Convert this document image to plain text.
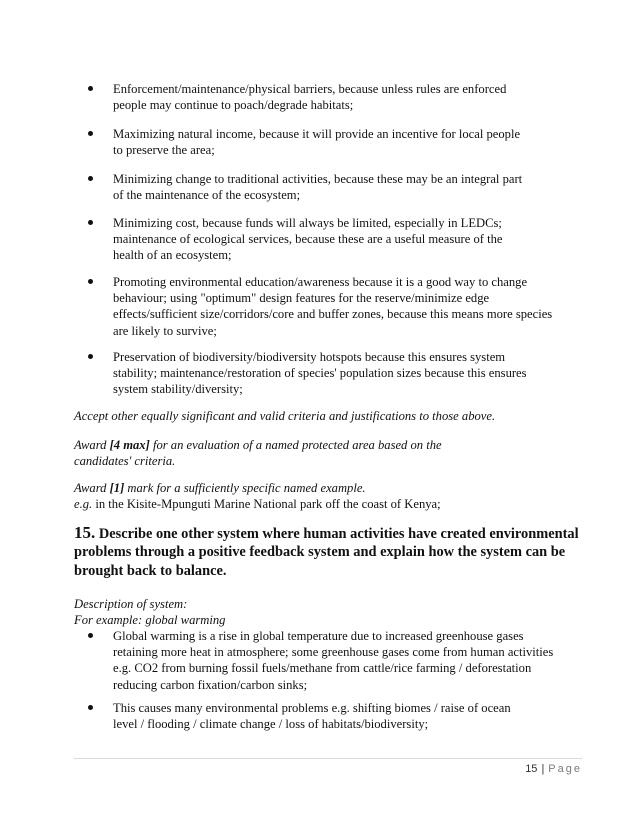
Enforcement/maintenance/physical barriers, because unless rules are enforced
people may continue to poach/degrade habitats;
Maximizing natural income, because it will provide an incentive for local people
to preserve the area;
Minimizing change to traditional activities, because these may be an integral part
of the maintenance of the ecosystem;
Minimizing cost, because funds will always be limited, especially in LEDCs;
maintenance of ecological services, because these are a useful measure of the
health of an ecosystem;
Promoting environmental education/awareness because it is a good way to change
behaviour; using "optimum" design features for the reserve/minimize edge
effects/sufficient size/corridors/core and buffer zones, because this means more species
are likely to survive;
Preservation of biodiversity/biodiversity hotspots because this ensures system
stability; maintenance/restoration of species' population sizes because this ensures
system stability/diversity;
Accept other equally significant and valid criteria and justifications to those above.
Award [4 max] for an evaluation of a named protected area based on the
candidates' criteria.
Award [1] mark for a sufficiently specific named example.
e.g. in the Kisite-Mpunguti Marine National park off the coast of Kenya;
15. Describe one other system where human activities have created environmental problems through a positive feedback system and explain how the system can be brought back to balance.
Description of system:
For example: global warming
Global warming is a rise in global temperature due to increased greenhouse gases
retaining more heat in atmosphere; some greenhouse gases come from human activities
e.g. CO2 from burning fossil fuels/methane from cattle/rice farming / deforestation
reducing carbon fixation/carbon sinks;
This causes many environmental problems e.g. shifting biomes / raise of ocean
level / flooding / climate change / loss of habitats/biodiversity;
15 | Page
